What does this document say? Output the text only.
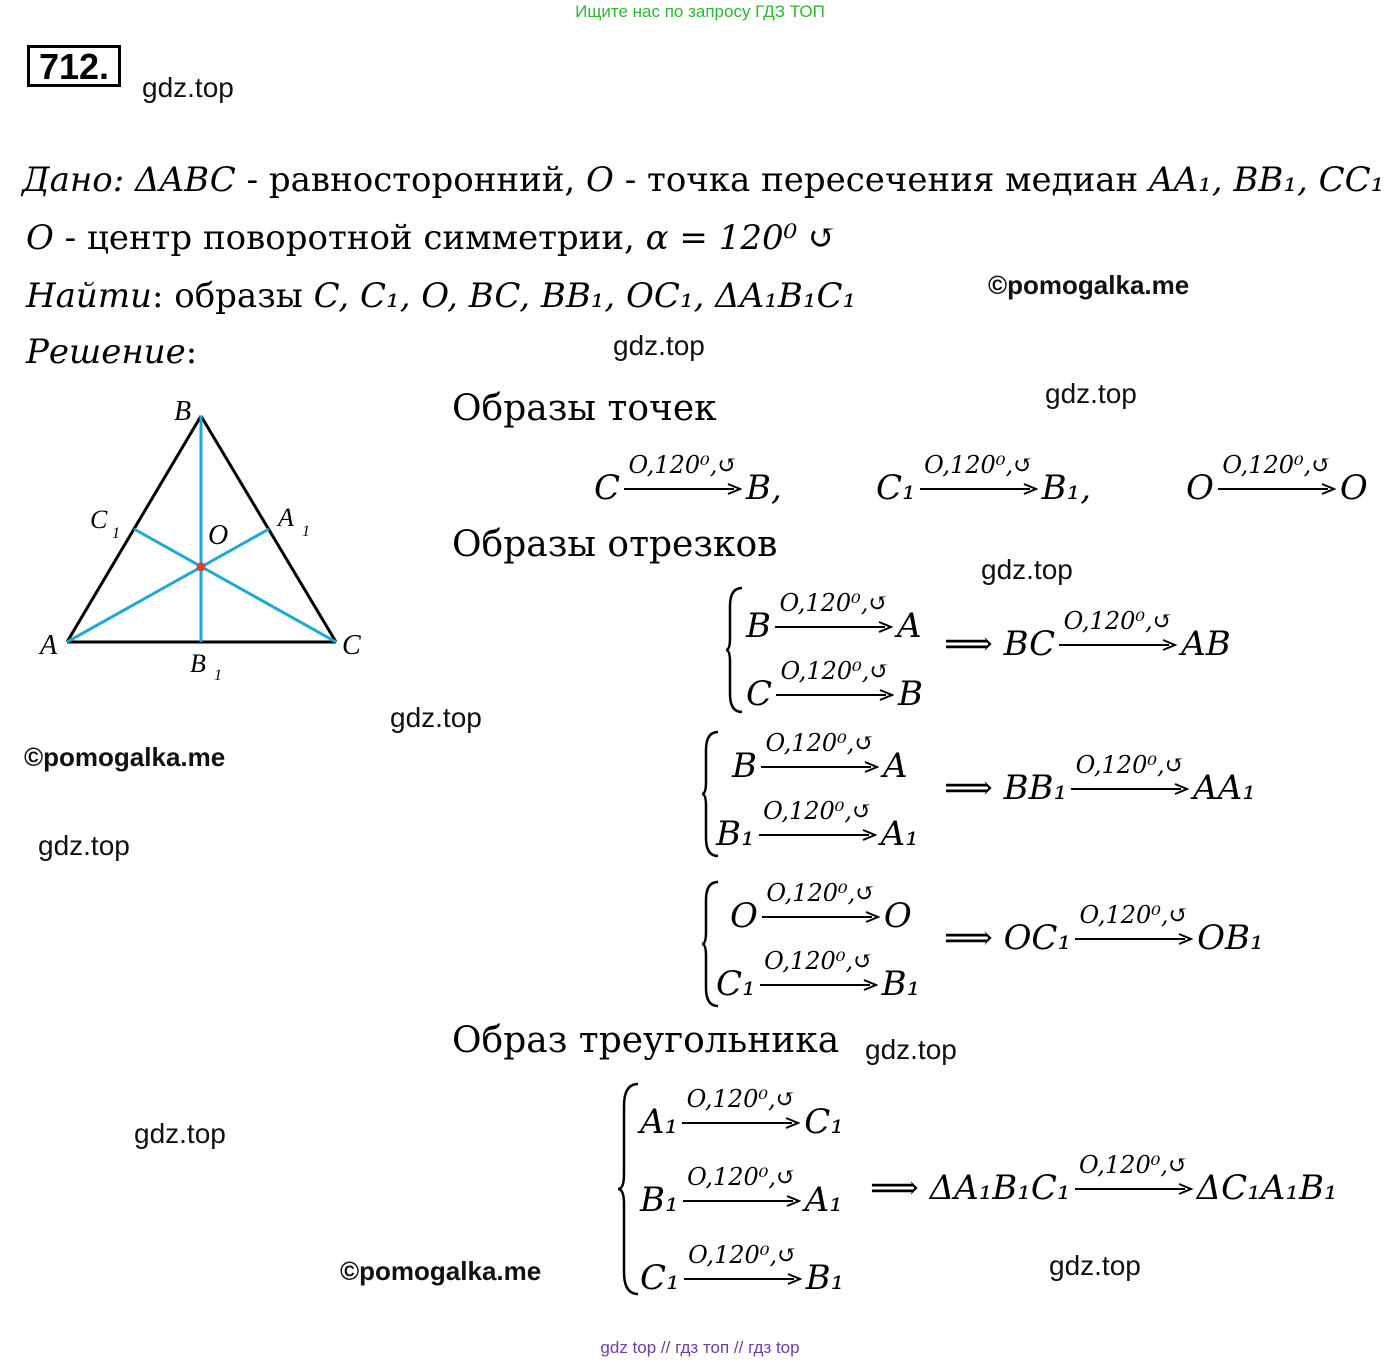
Ищите нас по запросу ГДЗ ТОП
712.
gdz.top
Дано: ΔABC - равносторонний, O - точка пересечения медиан AA₁, BB₁, CC₁
O - центр поворотной симметрии, α = 120⁰ ↺
Найти: образы C, C₁, O, BC, BB₁, OC₁, ΔA₁B₁C₁	©pomogalka.me
Решение:	gdz.top
gdz.top
B
A	C
C 1
A 1
O
B 1
gdz.top
©pomogalka.me
gdz.top
gdz.top
gdz.top
gdz.top
©pomogalka.me	gdz.top
Образы точек
C
O,120⁰,↺
B,	C₁
O,120⁰,↺
B₁,	O
O,120⁰,↺
O
Образы отрезков
B
O,120⁰,↺
A
C
O,120⁰,↺
B
⟹ BC
O,120⁰,↺
AB
B
O,120⁰,↺
A
B₁
O,120⁰,↺
A₁
⟹ BB₁
O,120⁰,↺
AA₁
O
O,120⁰,↺
O
C₁
O,120⁰,↺
B₁
⟹ OC₁
O,120⁰,↺
OB₁
Образ треугольника
A₁
O,120⁰,↺
C₁
B₁
O,120⁰,↺
A₁
C₁
O,120⁰,↺
B₁
⟹ ΔA₁B₁C₁
O,120⁰,↺
ΔC₁A₁B₁
gdz top // гдз топ // гдз top
